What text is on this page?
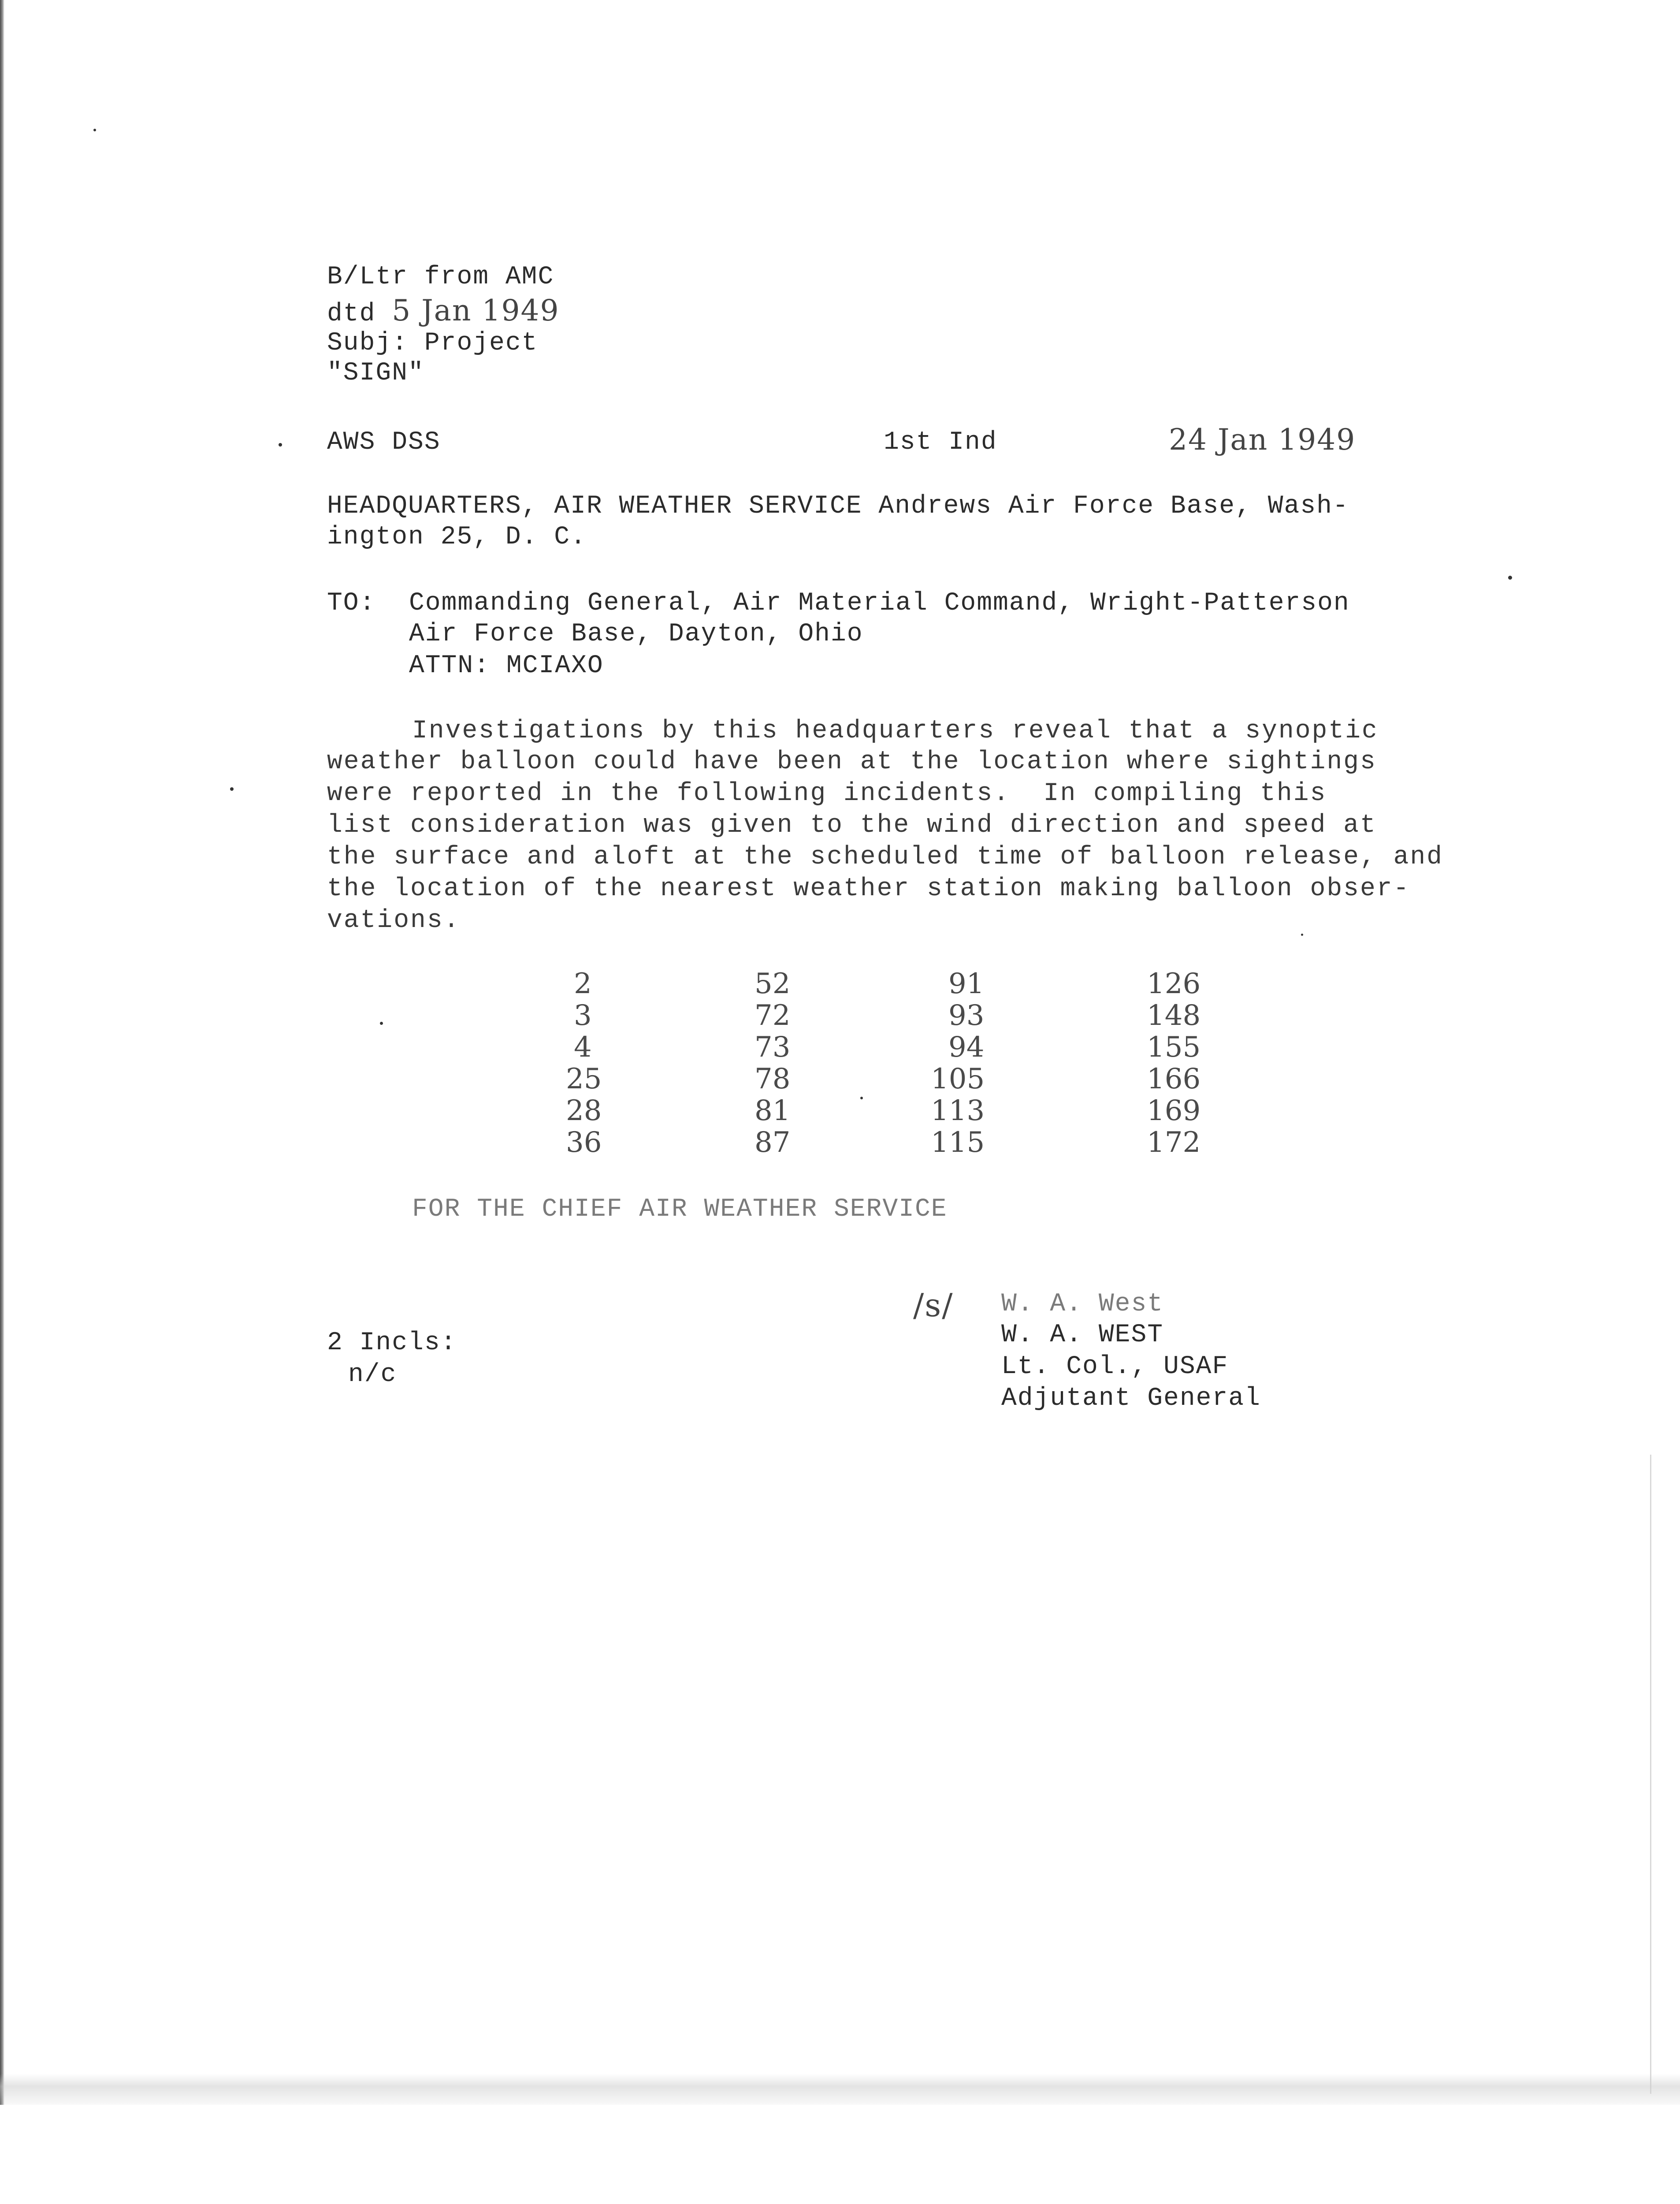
B/Ltr from AMC
dtd 5 Jan 1949
Subj: Project
"SIGN"
AWS DSS	1st Ind	24 Jan 1949
HEADQUARTERS, AIR WEATHER SERVICE Andrews Air Force Base, Wash-
ington 25, D. C.
TO: Commanding General, Air Material Command, Wright-Patterson
Air Force Base, Dayton, Ohio
ATTN: MCIAXO
Investigations by this headquarters reveal that a synoptic
weather balloon could have been at the location where sightings
were reported in the following incidents.  In compiling this
list consideration was given to the wind direction and speed at
the surface and aloft at the scheduled time of balloon release, and
the location of the nearest weather station making balloon obser-
vations.
2
3
4
25
28
36
52
72
73
78
81
87
91
93
94
105
113
115
126
148
155
166
169
172
FOR THE CHIEF AIR WEATHER SERVICE
/s/ W. A. West
W. A. WEST
Lt. Col., USAF
Adjutant General
2 Incls:
n/c
